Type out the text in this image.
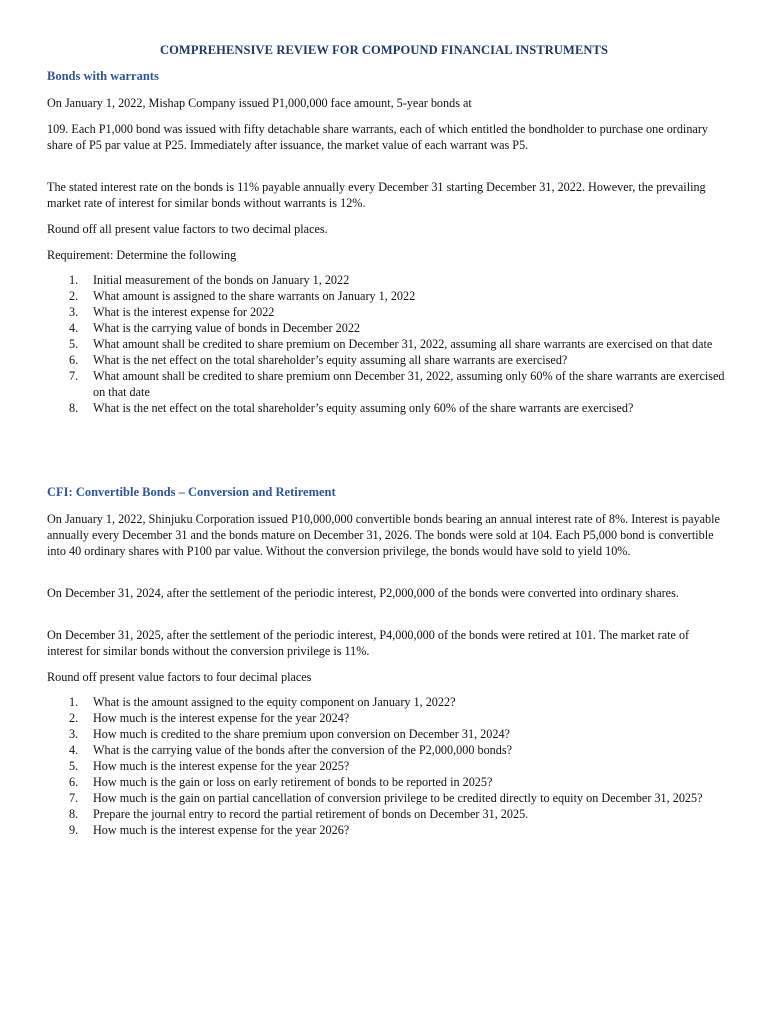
COMPREHENSIVE REVIEW FOR COMPOUND FINANCIAL INSTRUMENTS
Bonds with warrants
On January 1, 2022, Mishap Company issued P1,000,000 face amount, 5-year bonds at
109. Each P1,000 bond was issued with fifty detachable share warrants, each of which entitled the bondholder to purchase one ordinary share of P5 par value at P25. Immediately after issuance, the market value of each warrant was P5.
The stated interest rate on the bonds is 11% payable annually every December 31 starting December 31, 2022. However, the prevailing market rate of interest for similar bonds without warrants is 12%.
Round off all present value factors to two decimal places.
Requirement: Determine the following
1. Initial measurement of the bonds on January 1, 2022
2. What amount is assigned to the share warrants on January 1, 2022
3. What is the interest expense for 2022
4. What is the carrying value of bonds in December 2022
5. What amount shall be credited to share premium on December 31, 2022, assuming all share warrants are exercised on that date
6. What is the net effect on the total shareholder’s equity assuming all share warrants are exercised?
7. What amount shall be credited to share premium onn December 31, 2022, assuming only 60% of the share warrants are exercised on that date
8. What is the net effect on the total shareholder’s equity assuming only 60% of the share warrants are exercised?
CFI: Convertible Bonds – Conversion and Retirement
On January 1, 2022, Shinjuku Corporation issued P10,000,000 convertible bonds bearing an annual interest rate of 8%. Interest is payable annually every December 31 and the bonds mature on December 31, 2026. The bonds were sold at 104. Each P5,000 bond is convertible into 40 ordinary shares with P100 par value. Without the conversion privilege, the bonds would have sold to yield 10%.
On December 31, 2024, after the settlement of the periodic interest, P2,000,000 of the bonds were converted into ordinary shares.
On December 31, 2025, after the settlement of the periodic interest, P4,000,000 of the bonds were retired at 101. The market rate of interest for similar bonds without the conversion privilege is 11%.
Round off present value factors to four decimal places
1. What is the amount assigned to the equity component on January 1, 2022?
2. How much is the interest expense for the year 2024?
3. How much is credited to the share premium upon conversion on December 31, 2024?
4. What is the carrying value of the bonds after the conversion of the P2,000,000 bonds?
5. How much is the interest expense for the year 2025?
6. How much is the gain or loss on early retirement of bonds to be reported in 2025?
7. How much is the gain on partial cancellation of conversion privilege to be credited directly to equity on December 31, 2025?
8. Prepare the journal entry to record the partial retirement of bonds on December 31, 2025.
9. How much is the interest expense for the year 2026?
